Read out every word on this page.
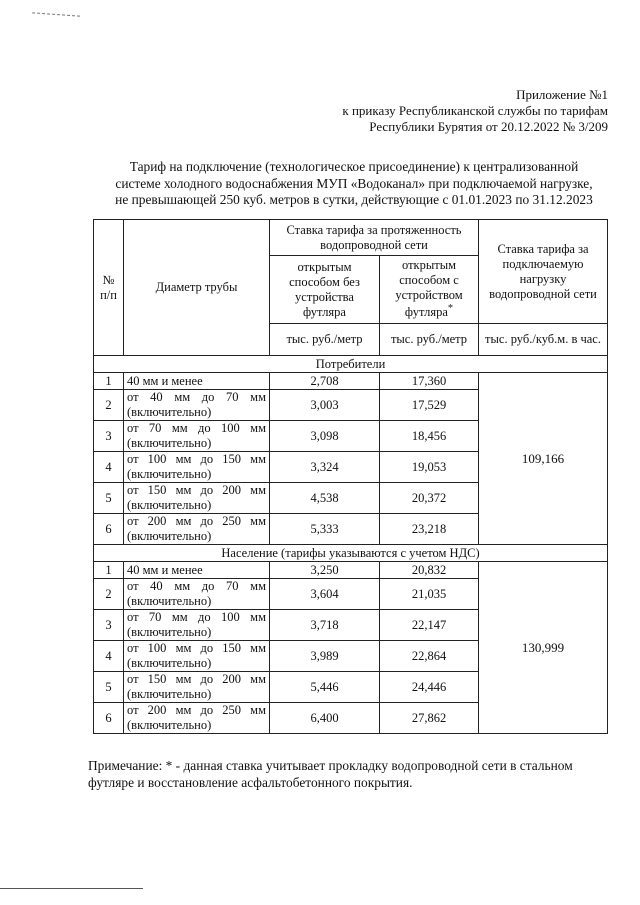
Приложение №1
к приказу Республиканской службы по тарифам
Республики Бурятия от 20.12.2022 № 3/209
Тариф на подключение (технологическое присоединение) к централизованной
системе холодного водоснабжения МУП «Водоканал» при подключаемой нагрузке,
не превышающей 250 куб. метров в сутки, действующие с 01.01.2023 по 31.12.2023
№ п/п	Диаметр трубы	Ставка тарифа за протяженность водопроводной сети		Ставка тарифа за подключаемую нагрузку водопроводной сети
		открытым способом без устройства футляра	открытым способом с устройством футляра*
		тыс. руб./метр	тыс. руб./метр	тыс. руб./куб.м. в час.
Потребители				
1	40 мм и менее	2,708	17,360	109,166
2	от 40 мм до 70 мм (включительно)	3,003	17,529	
3	от 70 мм до 100 мм (включительно)	3,098	18,456	
4	от 100 мм до 150 мм (включительно)	3,324	19,053	
5	от 150 мм до 200 мм (включительно)	4,538	20,372	
6	от 200 мм до 250 мм (включительно)	5,333	23,218	
Население (тарифы указываются с учетом НДС)				
1	40 мм и менее	3,250	20,832	130,999
2	от 40 мм до 70 мм (включительно)	3,604	21,035	
3	от 70 мм до 100 мм (включительно)	3,718	22,147	
4	от 100 мм до 150 мм (включительно)	3,989	22,864	
5	от 150 мм до 200 мм (включительно)	5,446	24,446	
6	от 200 мм до 250 мм (включительно)	6,400	27,862	
Примечание: * - данная ставка учитывает прокладку водопроводной сети в стальном футляре и восстановление асфальтобетонного покрытия.
